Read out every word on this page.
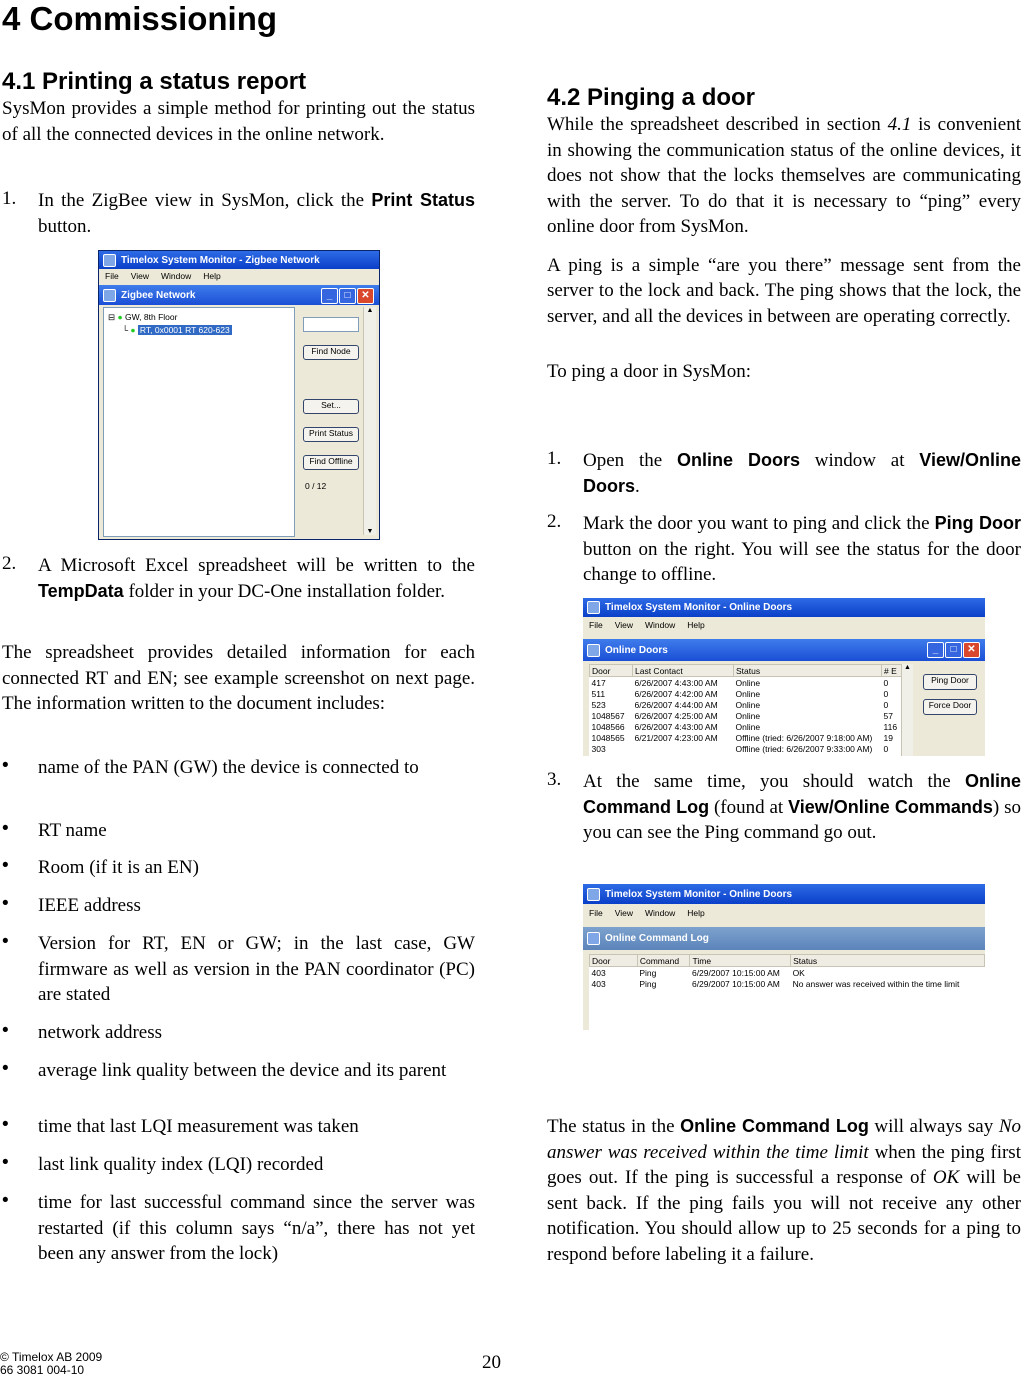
4 Commissioning
4.1 Printing a status report

SysMon provides a simple method for printing out the status of all the connected devices in the online network.

1. In the ZigBee view in SysMon, click the Print Status button.
Timelox System Monitor - Zigbee Network
File View Window Help
Zigbee Network	_	□	✕
⊟ ● GW, 8th Floor
└ ● RT, 0x0001 RT 620-623
Find Node
Set...
Print Status
Find Offline
0 / 12
▲
▼
2. A Microsoft Excel spreadsheet will be written to the TempData folder in your DC-One installation folder.

The spreadsheet provides detailed information for each connected RT and EN; see example screenshot on next page. The information written to the document includes:

• name of the PAN (GW) the device is connected to
• RT name
• Room (if it is an EN)
• IEEE address
• Version for RT, EN or GW; in the last case, GW firmware as well as version in the PAN coordinator (PC) are stated
• network address
• average link quality between the device and its parent
• time that last LQI measurement was taken
• last link quality index (LQI) recorded
• time for last successful command since the server was restarted (if this column says “n/a”, there has not yet been any answer from the lock)
4.2 Pinging a door

While the spreadsheet described in section 4.1 is convenient in showing the communication status of the online devices, it does not show that the locks themselves are communicating with the server. To do that it is necessary to “ping” every online door from SysMon.

A ping is a simple “are you there” message sent from the server to the lock and back. The ping shows that the lock, the server, and all the devices in between are operating correctly.

To ping a door in SysMon:

1. Open the Online Doors window at View/Online Doors.
2. Mark the door you want to ping and click the Ping Door button on the right. You will see the status for the door change to offline.
Timelox System Monitor - Online Doors
File View Window Help
Online Doors	_	□	✕
Door	Last Contact	Status	# E
417	6/26/2007 4:43:00 AM	Online	0
511	6/26/2007 4:42:00 AM	Online	0
523	6/26/2007 4:44:00 AM	Online	0
1048567	6/26/2007 4:25:00 AM	Online	57
1048566	6/26/2007 4:43:00 AM	Online	116
1048565	6/21/2007 4:23:00 AM	Offline (tried: 6/26/2007 9:18:00 AM)	19
303		Offline (tried: 6/26/2007 9:33:00 AM)	0
▲
Ping Door
Force Door
3. At the same time, you should watch the Online Command Log (found at View/Online Commands) so you can see the Ping command go out.
Timelox System Monitor - Online Doors
File View Window Help
Online Command Log
Door	Command	Time	Status
403	Ping	6/29/2007 10:15:00 AM	OK
403	Ping	6/29/2007 10:15:00 AM	No answer was received within the time limit

The status in the Online Command Log will always say No answer was received within the time limit when the ping first goes out. If the ping is successful a response of OK will be sent back. If the ping fails you will not receive any other notification. You should allow up to 25 seconds for a ping to respond before labeling it a failure.

© Timelox AB 2009
66 3081 004-10	20
